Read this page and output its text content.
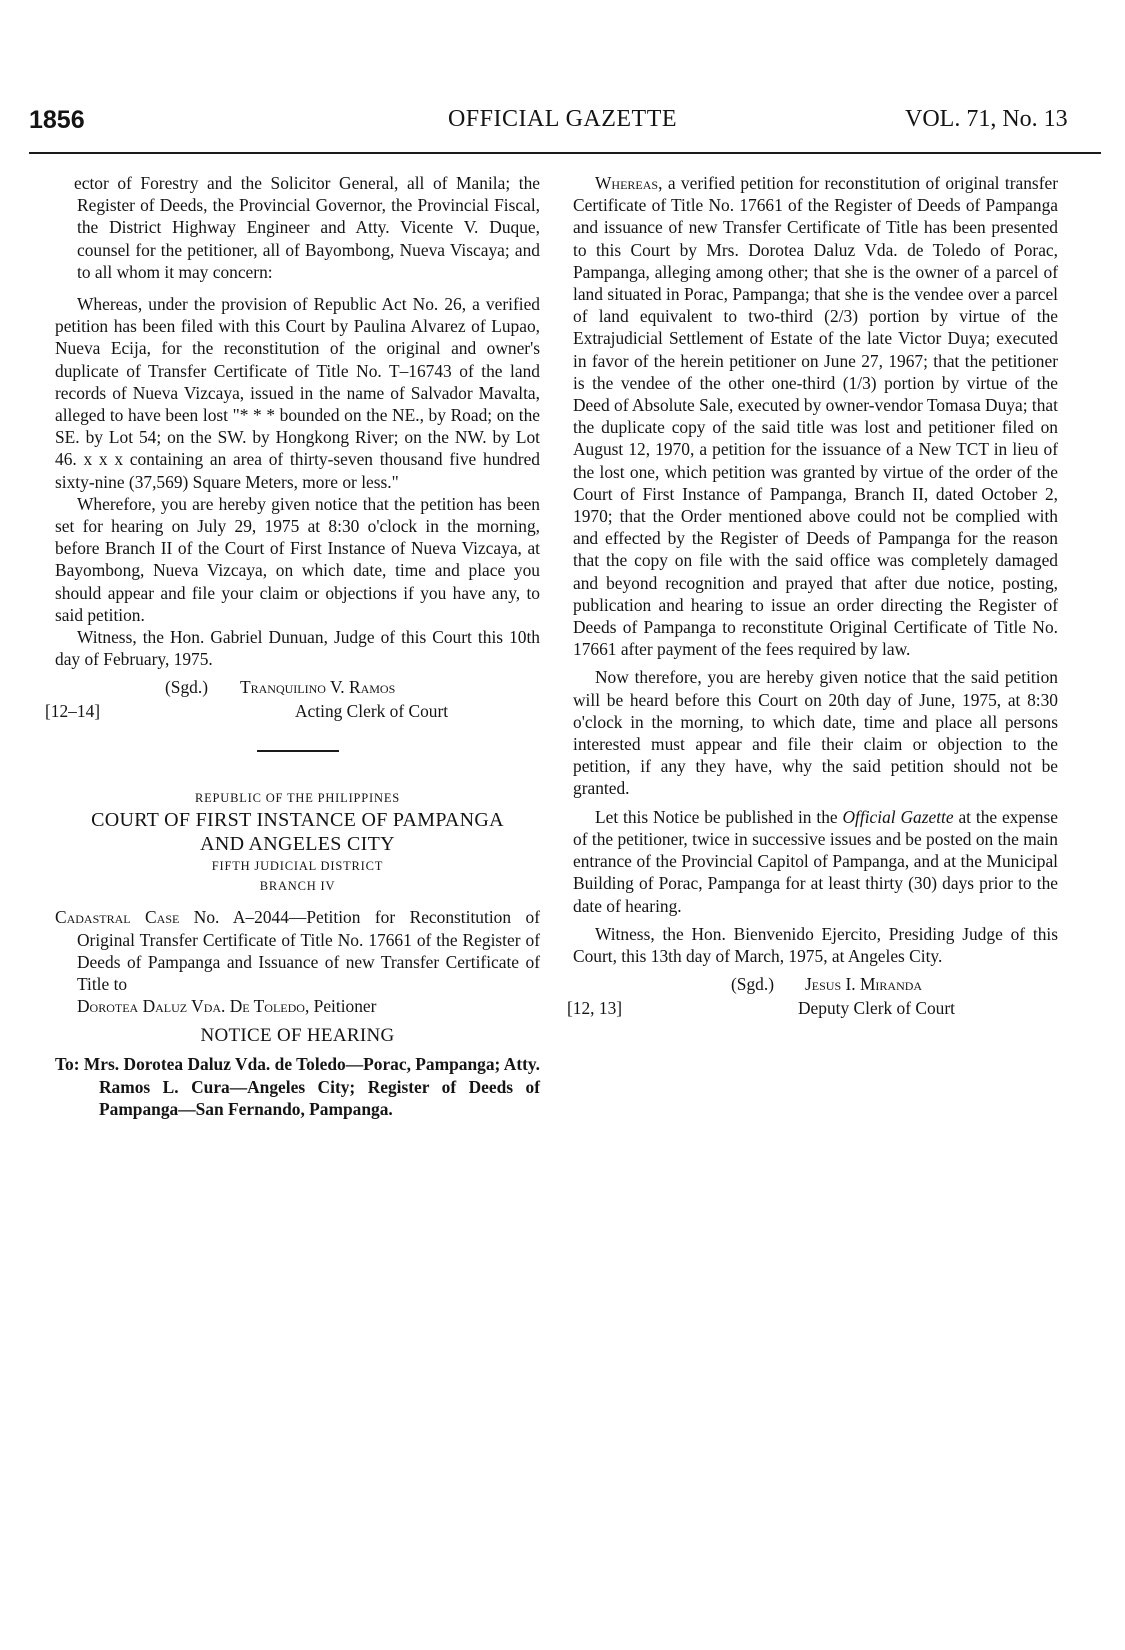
1856	OFFICIAL GAZETTE	VOL. 71, No. 13

ector of Forestry and the Solicitor General, all of Manila; the Register of Deeds, the Provincial Governor, the Provincial Fiscal, the District Highway Engineer and Atty. Vicente V. Duque, counsel for the petitioner, all of Bayombong, Nueva Viscaya; and to all whom it may concern:

Whereas, under the provision of Republic Act No. 26, a verified petition has been filed with this Court by Paulina Alvarez of Lupao, Nueva Ecija, for the reconstitution of the original and owner's duplicate of Transfer Certificate of Title No. T–16743 of the land records of Nueva Vizcaya, issued in the name of Salvador Mavalta, alleged to have been lost "* * * bounded on the NE., by Road; on the SE. by Lot 54; on the SW. by Hongkong River; on the NW. by Lot 46. x x x containing an area of thirty-seven thousand five hundred sixty-nine (37,569) Square Meters, more or less."

Wherefore, you are hereby given notice that the petition has been set for hearing on July 29, 1975 at 8:30 o'clock in the morning, before Branch II of the Court of First Instance of Nueva Vizcaya, at Bayombong, Nueva Vizcaya, on which date, time and place you should appear and file your claim or objections if you have any, to said petition.

Witness, the Hon. Gabriel Dunuan, Judge of this Court this 10th day of February, 1975.

(Sgd.) Tranquilino V. Ramos
[12–14]	Acting Clerk of Court
REPUBLIC OF THE PHILIPPINES
COURT OF FIRST INSTANCE OF PAMPANGA
AND ANGELES CITY
FIFTH JUDICIAL DISTRICT
BRANCH IV

Cadastral Case No. A–2044—Petition for Reconstitution of Original Transfer Certificate of Title No. 17661 of the Register of Deeds of Pampanga and Issuance of new Transfer Certificate of Title to

Dorotea Daluz Vda. De Toledo, Peitioner

NOTICE OF HEARING

To: Mrs. Dorotea Daluz Vda. de Toledo—Porac, Pampanga; Atty. Ramos L. Cura—Angeles City; Register of Deeds of Pampanga—San Fernando, Pampanga.

Whereas, a verified petition for reconstitution of original transfer Certificate of Title No. 17661 of the Register of Deeds of Pampanga and issuance of new Transfer Certificate of Title has been presented to this Court by Mrs. Dorotea Daluz Vda. de Toledo of Porac, Pampanga, alleging among other; that she is the owner of a parcel of land situated in Porac, Pampanga; that she is the vendee over a parcel of land equivalent to two-third (2/3) portion by virtue of the Extrajudicial Settlement of Estate of the late Victor Duya; executed in favor of the herein petitioner on June 27, 1967; that the petitioner is the vendee of the other one-third (1/3) portion by virtue of the Deed of Absolute Sale, executed by owner-vendor Tomasa Duya; that the duplicate copy of the said title was lost and petitioner filed on August 12, 1970, a petition for the issuance of a New TCT in lieu of the lost one, which petition was granted by virtue of the order of the Court of First Instance of Pampanga, Branch II, dated October 2, 1970; that the Order mentioned above could not be complied with and effected by the Register of Deeds of Pampanga for the reason that the copy on file with the said office was completely damaged and beyond recognition and prayed that after due notice, posting, publication and hearing to issue an order directing the Register of Deeds of Pampanga to reconstitute Original Certificate of Title No. 17661 after payment of the fees required by law.

Now therefore, you are hereby given notice that the said petition will be heard before this Court on 20th day of June, 1975, at 8:30 o'clock in the morning, to which date, time and place all persons interested must appear and file their claim or objection to the petition, if any they have, why the said petition should not be granted.

Let this Notice be published in the Official Gazette at the expense of the petitioner, twice in successive issues and be posted on the main entrance of the Provincial Capitol of Pampanga, and at the Municipal Building of Porac, Pampanga for at least thirty (30) days prior to the date of hearing.

Witness, the Hon. Bienvenido Ejercito, Presiding Judge of this Court, this 13th day of March, 1975, at Angeles City.

(Sgd.) Jesus I. Miranda
[12, 13]	Deputy Clerk of Court
